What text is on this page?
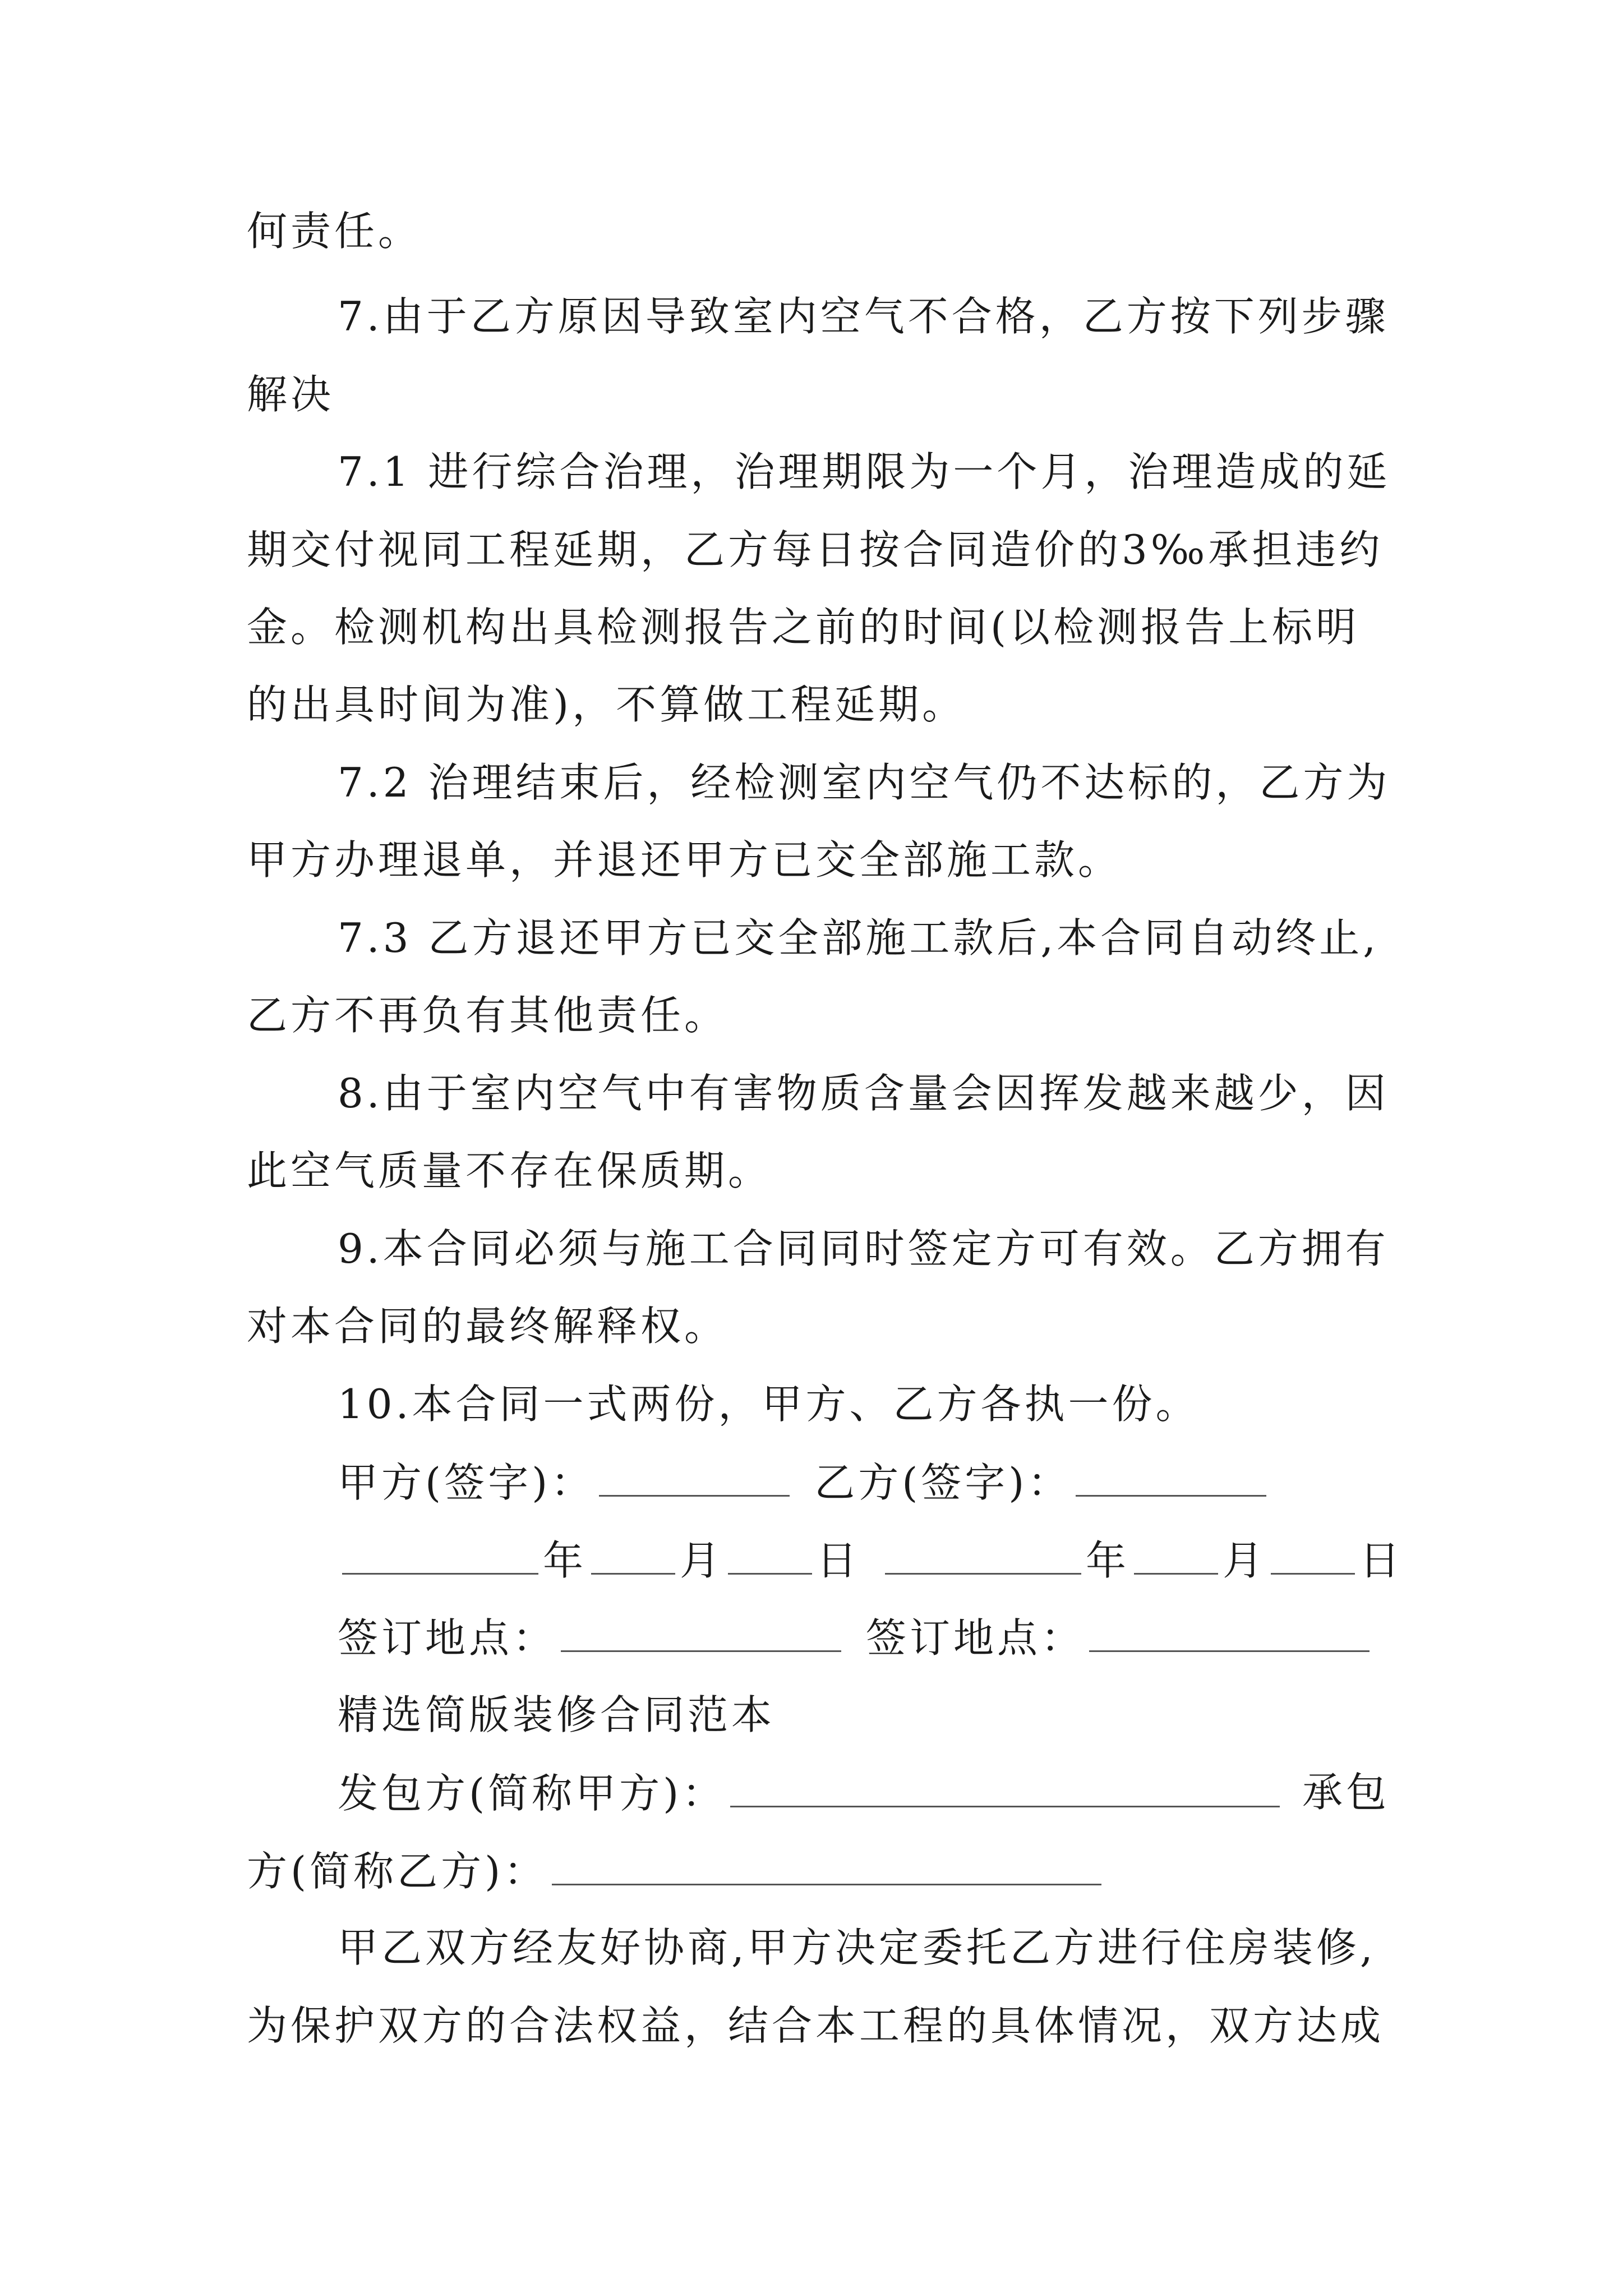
何责任。
7.由于乙方原因导致室内空气不合格，乙方按下列步骤
解决
7.1 进行综合治理，治理期限为一个月，治理造成的延
期交付视同工程延期，乙方每日按合同造价的3‰承担违约
金。检测机构出具检测报告之前的时间(以检测报告上标明
的出具时间为准)，不算做工程延期。
7.2 治理结束后，经检测室内空气仍不达标的，乙方为
甲方办理退单，并退还甲方已交全部施工款。
7.3 乙方退还甲方已交全部施工款后,本合同自动终止,
乙方不再负有其他责任。
8.由于室内空气中有害物质含量会因挥发越来越少，因
此空气质量不存在保质期。
9.本合同必须与施工合同同时签定方可有效。乙方拥有
对本合同的最终解释权。
10.本合同一式两份，甲方、乙方各执一份。
甲方(签字)：	乙方(签字)：
年 月 日	年 月 日
签订地点：	签订地点：
精选简版装修合同范本
发包方(简称甲方)：	承包
方(简称乙方)：
甲乙双方经友好协商,甲方决定委托乙方进行住房装修,
为保护双方的合法权益，结合本工程的具体情况，双方达成
